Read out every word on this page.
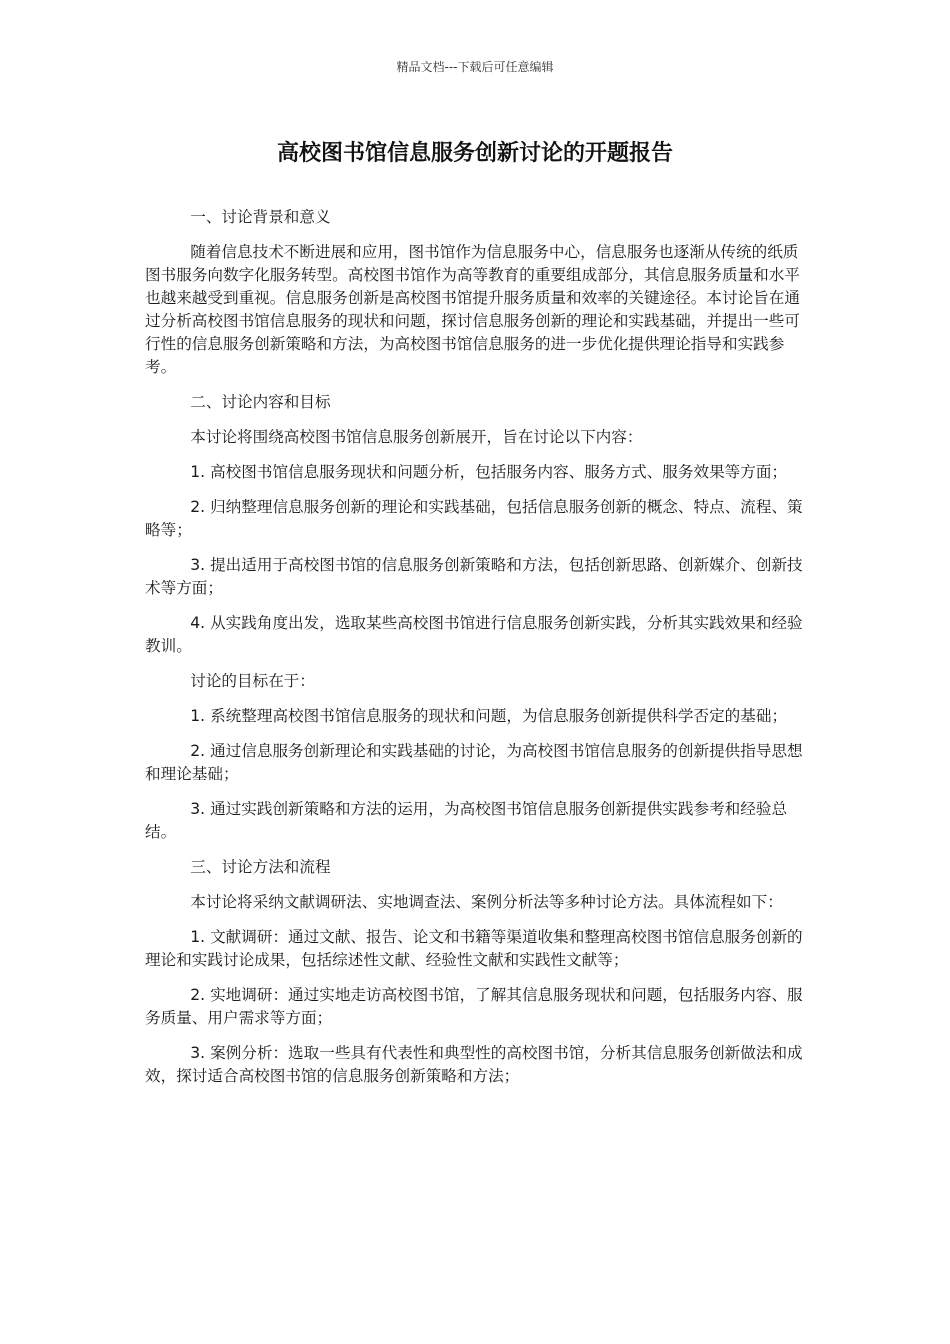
精品文档---下载后可任意编辑
高校图书馆信息服务创新讨论的开题报告

一、讨论背景和意义

随着信息技术不断进展和应用，图书馆作为信息服务中心，信息服务也逐渐从传统的纸质图书服务向数字化服务转型。高校图书馆作为高等教育的重要组成部分，其信息服务质量和水平也越来越受到重视。信息服务创新是高校图书馆提升服务质量和效率的关键途径。本讨论旨在通过分析高校图书馆信息服务的现状和问题，探讨信息服务创新的理论和实践基础，并提出一些可行性的信息服务创新策略和方法，为高校图书馆信息服务的进一步优化提供理论指导和实践参考。

二、讨论内容和目标

本讨论将围绕高校图书馆信息服务创新展开，旨在讨论以下内容：

1. 高校图书馆信息服务现状和问题分析，包括服务内容、服务方式、服务效果等方面；

2. 归纳整理信息服务创新的理论和实践基础，包括信息服务创新的概念、特点、流程、策略等；

3. 提出适用于高校图书馆的信息服务创新策略和方法，包括创新思路、创新媒介、创新技术等方面；

4. 从实践角度出发，选取某些高校图书馆进行信息服务创新实践，分析其实践效果和经验教训。

讨论的目标在于：

1. 系统整理高校图书馆信息服务的现状和问题，为信息服务创新提供科学否定的基础；

2. 通过信息服务创新理论和实践基础的讨论，为高校图书馆信息服务的创新提供指导思想和理论基础；

3. 通过实践创新策略和方法的运用，为高校图书馆信息服务创新提供实践参考和经验总结。

三、讨论方法和流程

本讨论将采纳文献调研法、实地调查法、案例分析法等多种讨论方法。具体流程如下：

1. 文献调研：通过文献、报告、论文和书籍等渠道收集和整理高校图书馆信息服务创新的理论和实践讨论成果，包括综述性文献、经验性文献和实践性文献等；

2. 实地调研：通过实地走访高校图书馆，了解其信息服务现状和问题，包括服务内容、服务质量、用户需求等方面；

3. 案例分析：选取一些具有代表性和典型性的高校图书馆，分析其信息服务创新做法和成效，探讨适合高校图书馆的信息服务创新策略和方法；
